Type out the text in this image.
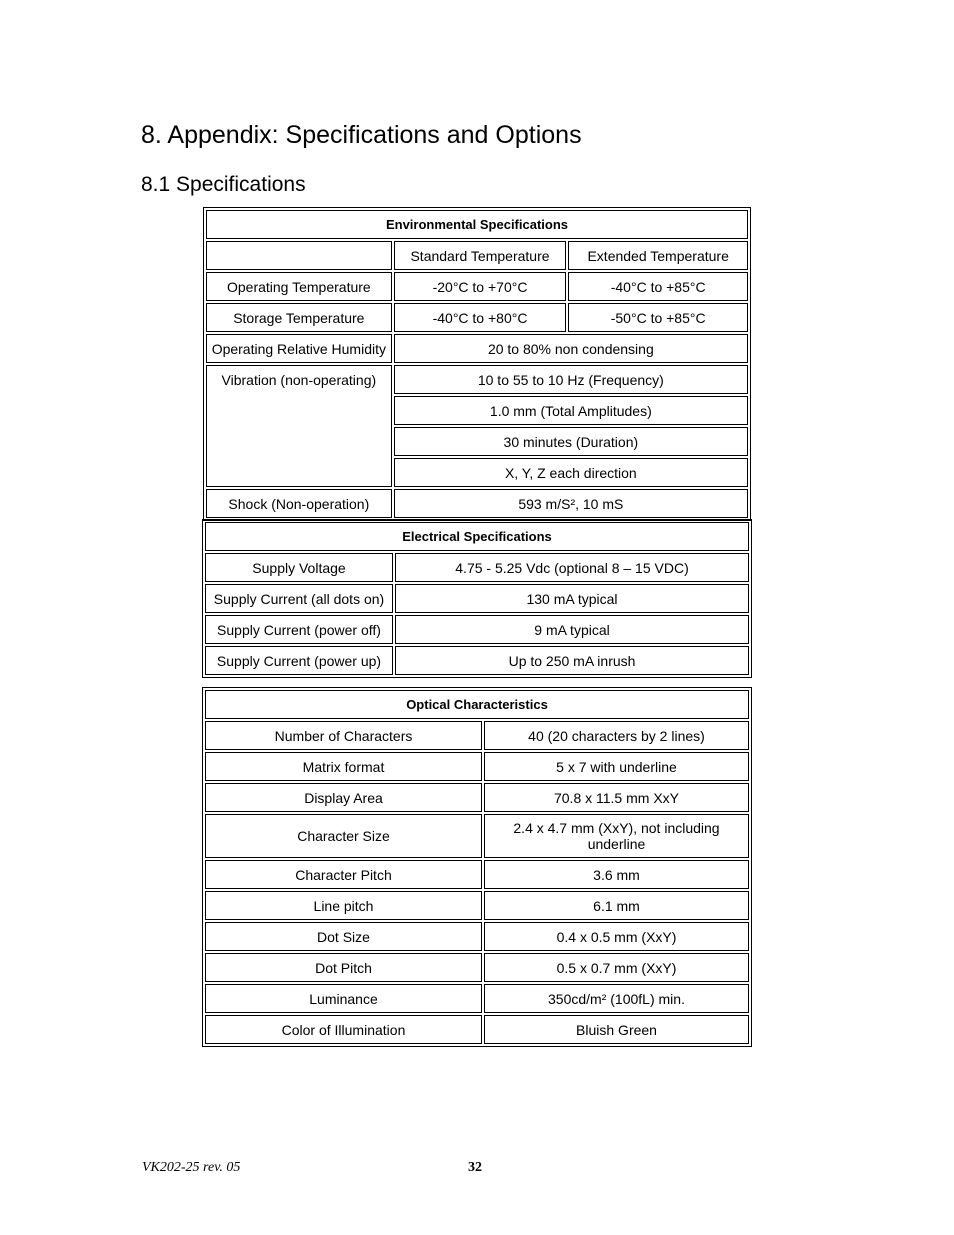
8. Appendix: Specifications and Options
8.1 Specifications
Environmental Specifications		
	Standard Temperature	Extended Temperature
Operating Temperature	-20°C to +70°C	-40°C to +85°C
Storage Temperature	-40°C to +80°C	-50°C to +85°C
Operating Relative Humidity	20 to 80% non condensing	
Vibration (non-operating)	10 to 55 to 10 Hz (Frequency)	
	1.0 mm (Total Amplitudes)	
	30 minutes (Duration)	
	X, Y, Z each direction	
Shock (Non-operation)	593 m/S², 10 mS	
Electrical Specifications	
Supply Voltage	4.75 - 5.25 Vdc (optional 8 – 15 VDC)
Supply Current (all dots on)	130 mA typical
Supply Current (power off)	9 mA typical
Supply Current (power up)	Up to 250 mA inrush
Optical Characteristics	
Number of Characters	40 (20 characters by 2 lines)
Matrix format	5 x 7 with underline
Display Area	70.8 x 11.5 mm XxY
Character Size	2.4 x 4.7 mm (XxY), not including underline
Character Pitch	3.6 mm
Line pitch	6.1 mm
Dot Size	0.4 x 0.5 mm (XxY)
Dot Pitch	0.5 x 0.7 mm (XxY)
Luminance	350cd/m² (100fL) min.
Color of Illumination	Bluish Green
VK202-25 rev. 05	32
